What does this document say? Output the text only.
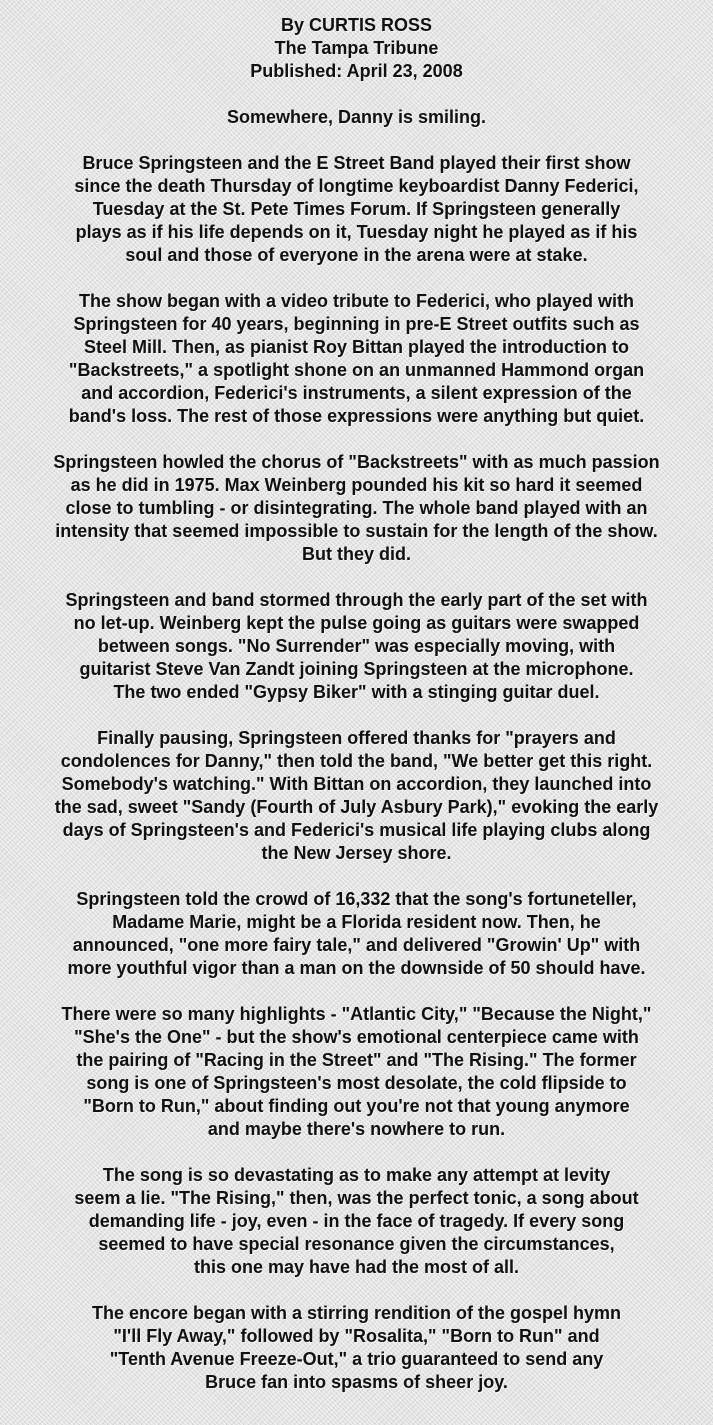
By CURTIS ROSS
The Tampa Tribune
Published: April 23, 2008
Somewhere, Danny is smiling.
Bruce Springsteen and the E Street Band played their first show
since the death Thursday of longtime keyboardist Danny Federici,
Tuesday at the St. Pete Times Forum. If Springsteen generally
plays as if his life depends on it, Tuesday night he played as if his
soul and those of everyone in the arena were at stake.
The show began with a video tribute to Federici, who played with
Springsteen for 40 years, beginning in pre-E Street outfits such as
Steel Mill. Then, as pianist Roy Bittan played the introduction to
"Backstreets," a spotlight shone on an unmanned Hammond organ
and accordion, Federici's instruments, a silent expression of the
band's loss. The rest of those expressions were anything but quiet.
Springsteen howled the chorus of "Backstreets" with as much passion
as he did in 1975. Max Weinberg pounded his kit so hard it seemed
close to tumbling - or disintegrating. The whole band played with an
intensity that seemed impossible to sustain for the length of the show.
But they did.
Springsteen and band stormed through the early part of the set with
no let-up. Weinberg kept the pulse going as guitars were swapped
between songs. "No Surrender" was especially moving, with
guitarist Steve Van Zandt joining Springsteen at the microphone.
The two ended "Gypsy Biker" with a stinging guitar duel.
Finally pausing, Springsteen offered thanks for "prayers and
condolences for Danny," then told the band, "We better get this right.
Somebody's watching." With Bittan on accordion, they launched into
the sad, sweet "Sandy (Fourth of July Asbury Park)," evoking the early
days of Springsteen's and Federici's musical life playing clubs along
the New Jersey shore.
Springsteen told the crowd of 16,332 that the song's fortuneteller,
Madame Marie, might be a Florida resident now. Then, he
announced, "one more fairy tale," and delivered "Growin' Up" with
more youthful vigor than a man on the downside of 50 should have.
There were so many highlights - "Atlantic City," "Because the Night,"
"She's the One" - but the show's emotional centerpiece came with
the pairing of "Racing in the Street" and "The Rising." The former
song is one of Springsteen's most desolate, the cold flipside to
"Born to Run," about finding out you're not that young anymore
and maybe there's nowhere to run.
The song is so devastating as to make any attempt at levity
seem a lie. "The Rising," then, was the perfect tonic, a song about
demanding life - joy, even - in the face of tragedy. If every song
seemed to have special resonance given the circumstances,
this one may have had the most of all.
The encore began with a stirring rendition of the gospel hymn
"I'll Fly Away," followed by "Rosalita," "Born to Run" and
"Tenth Avenue Freeze-Out," a trio guaranteed to send any
Bruce fan into spasms of sheer joy.
